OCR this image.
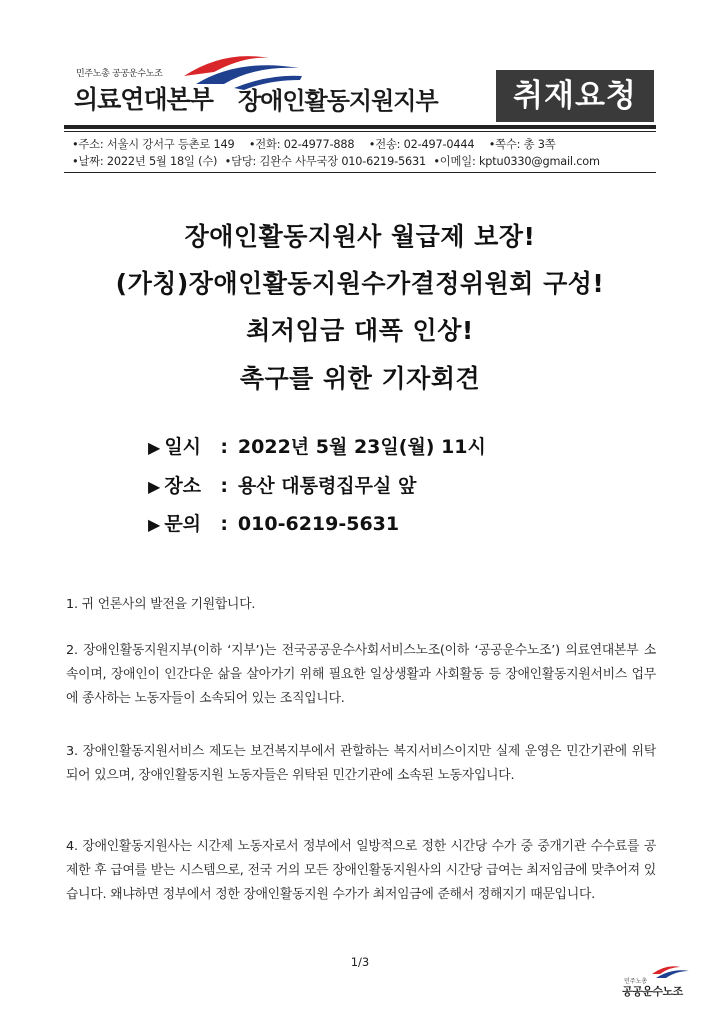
민주노총 공공운수노조
의료연대본부 장애인활동지원지부	취재요청
•주소: 서울시 강서구 등촌로 149 •전화: 02-4977-888 •전송: 02-497-0444 •쪽수: 총 3쪽
•날짜: 2022년 5월 18일 (수) •담당: 김완수 사무국장 010-6219-5631 •이메일: kptu0330@gmail.com
장애인활동지원사 월급제 보장!
(가칭)장애인활동지원수가결정위원회 구성!
최저임금 대폭 인상!
촉구를 위한 기자회견
▶ 일시 : 2022년 5월 23일(월) 11시
▶ 장소 : 용산 대통령집무실 앞
▶ 문의 : 010-6219-5631
1. 귀 언론사의 발전을 기원합니다.
2. 장애인활동지원지부(이하 ‘지부’)는 전국공공운수사회서비스노조(이하 ‘공공운수노조’) 의료연대본부 소속이며, 장애인이 인간다운 삶을 살아가기 위해 필요한 일상생활과 사회활동 등 장애인활동지원서비스 업무에 종사하는 노동자들이 소속되어 있는 조직입니다.
3. 장애인활동지원서비스 제도는 보건복지부에서 관할하는 복지서비스이지만 실제 운영은 민간기관에 위탁되어 있으며, 장애인활동지원 노동자들은 위탁된 민간기관에 소속된 노동자입니다.
4. 장애인활동지원사는 시간제 노동자로서 정부에서 일방적으로 정한 시간당 수가 중 중개기관 수수료를 공제한 후 급여를 받는 시스템으로, 전국 거의 모든 장애인활동지원사의 시간당 급여는 최저임금에 맞추어져 있습니다. 왜냐하면 정부에서 정한 장애인활동지원 수가가 최저임금에 준해서 정해지기 때문입니다.
1/3
민주노총
공공운수노조
